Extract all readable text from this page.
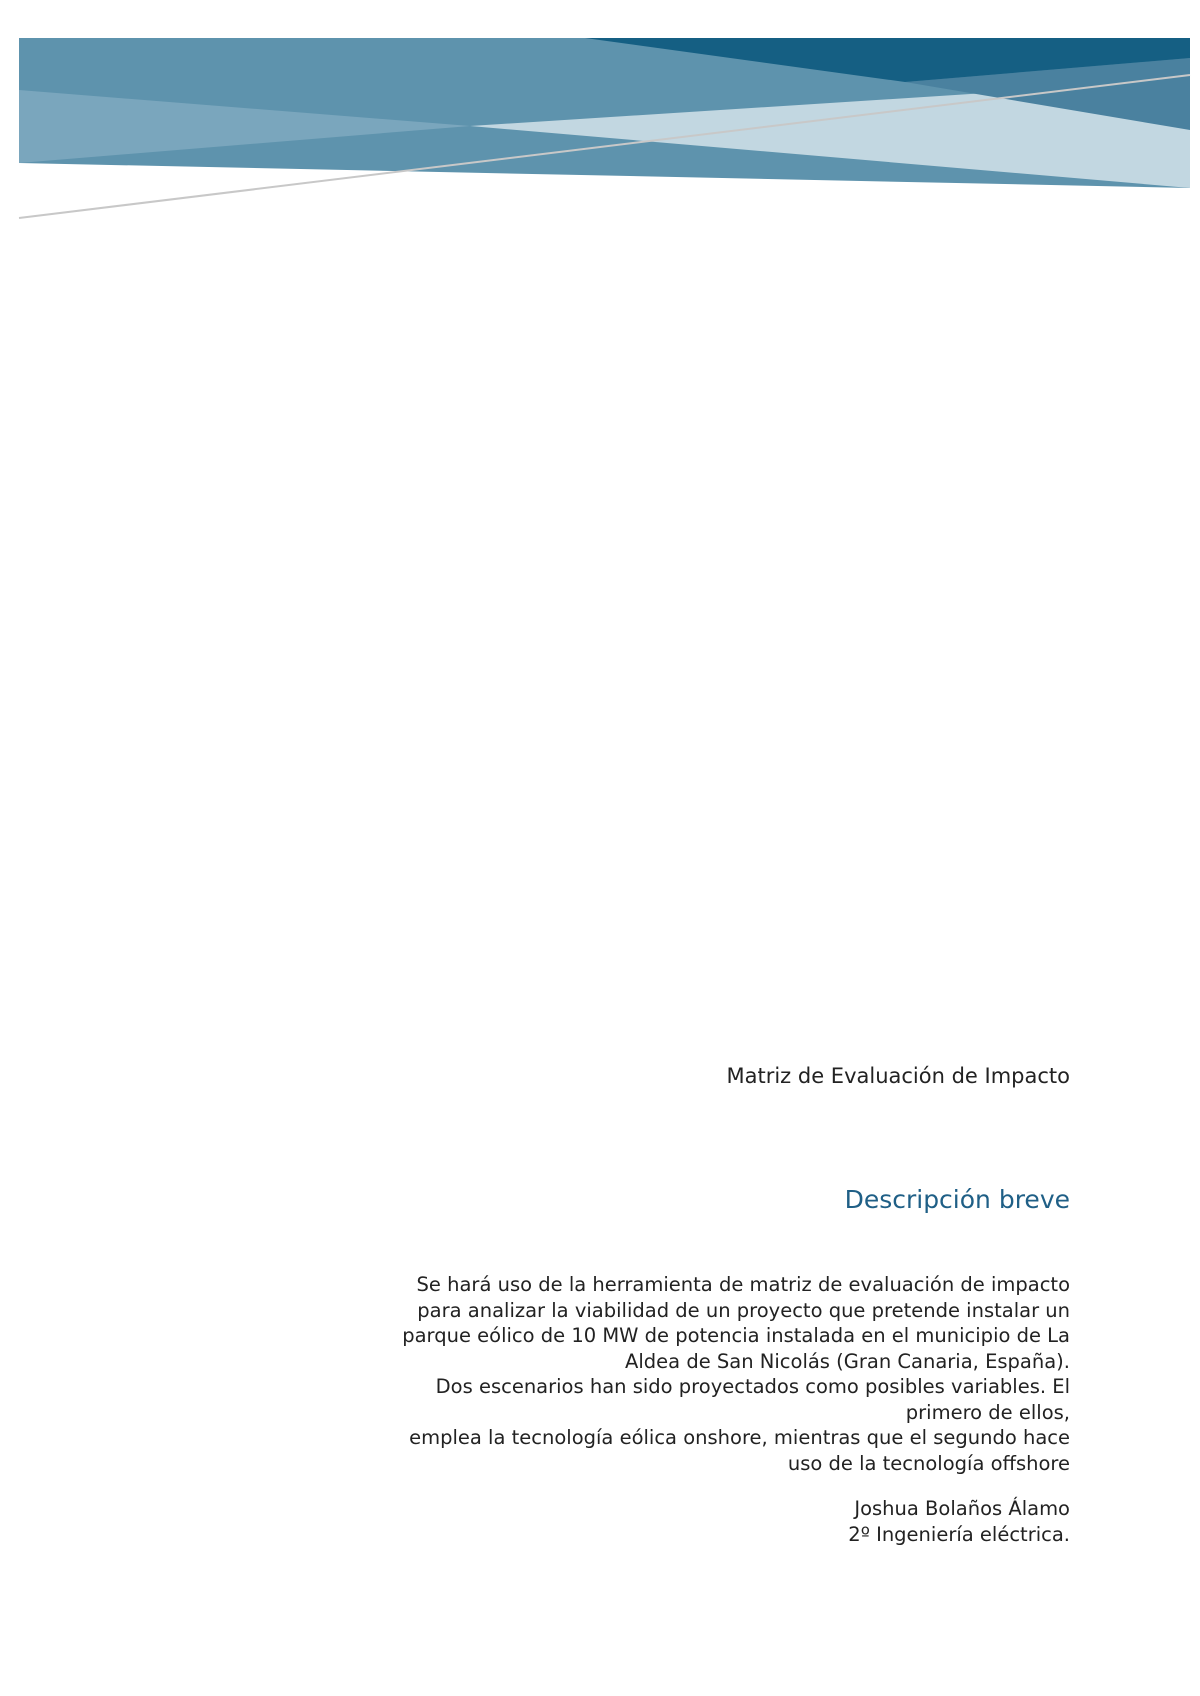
Matriz de Evaluación de Impacto
Descripción breve
Se hará uso de la herramienta de matriz de evaluación de impacto
para analizar la viabilidad de un proyecto que pretende instalar un
parque eólico de 10 MW de potencia instalada en el municipio de La
Aldea de San Nicolás (Gran Canaria, España).
Dos escenarios han sido proyectados como posibles variables. El
primero de ellos,
emplea la tecnología eólica onshore, mientras que el segundo hace
uso de la tecnología offshore
Joshua Bolaños Álamo
2º Ingeniería eléctrica.
